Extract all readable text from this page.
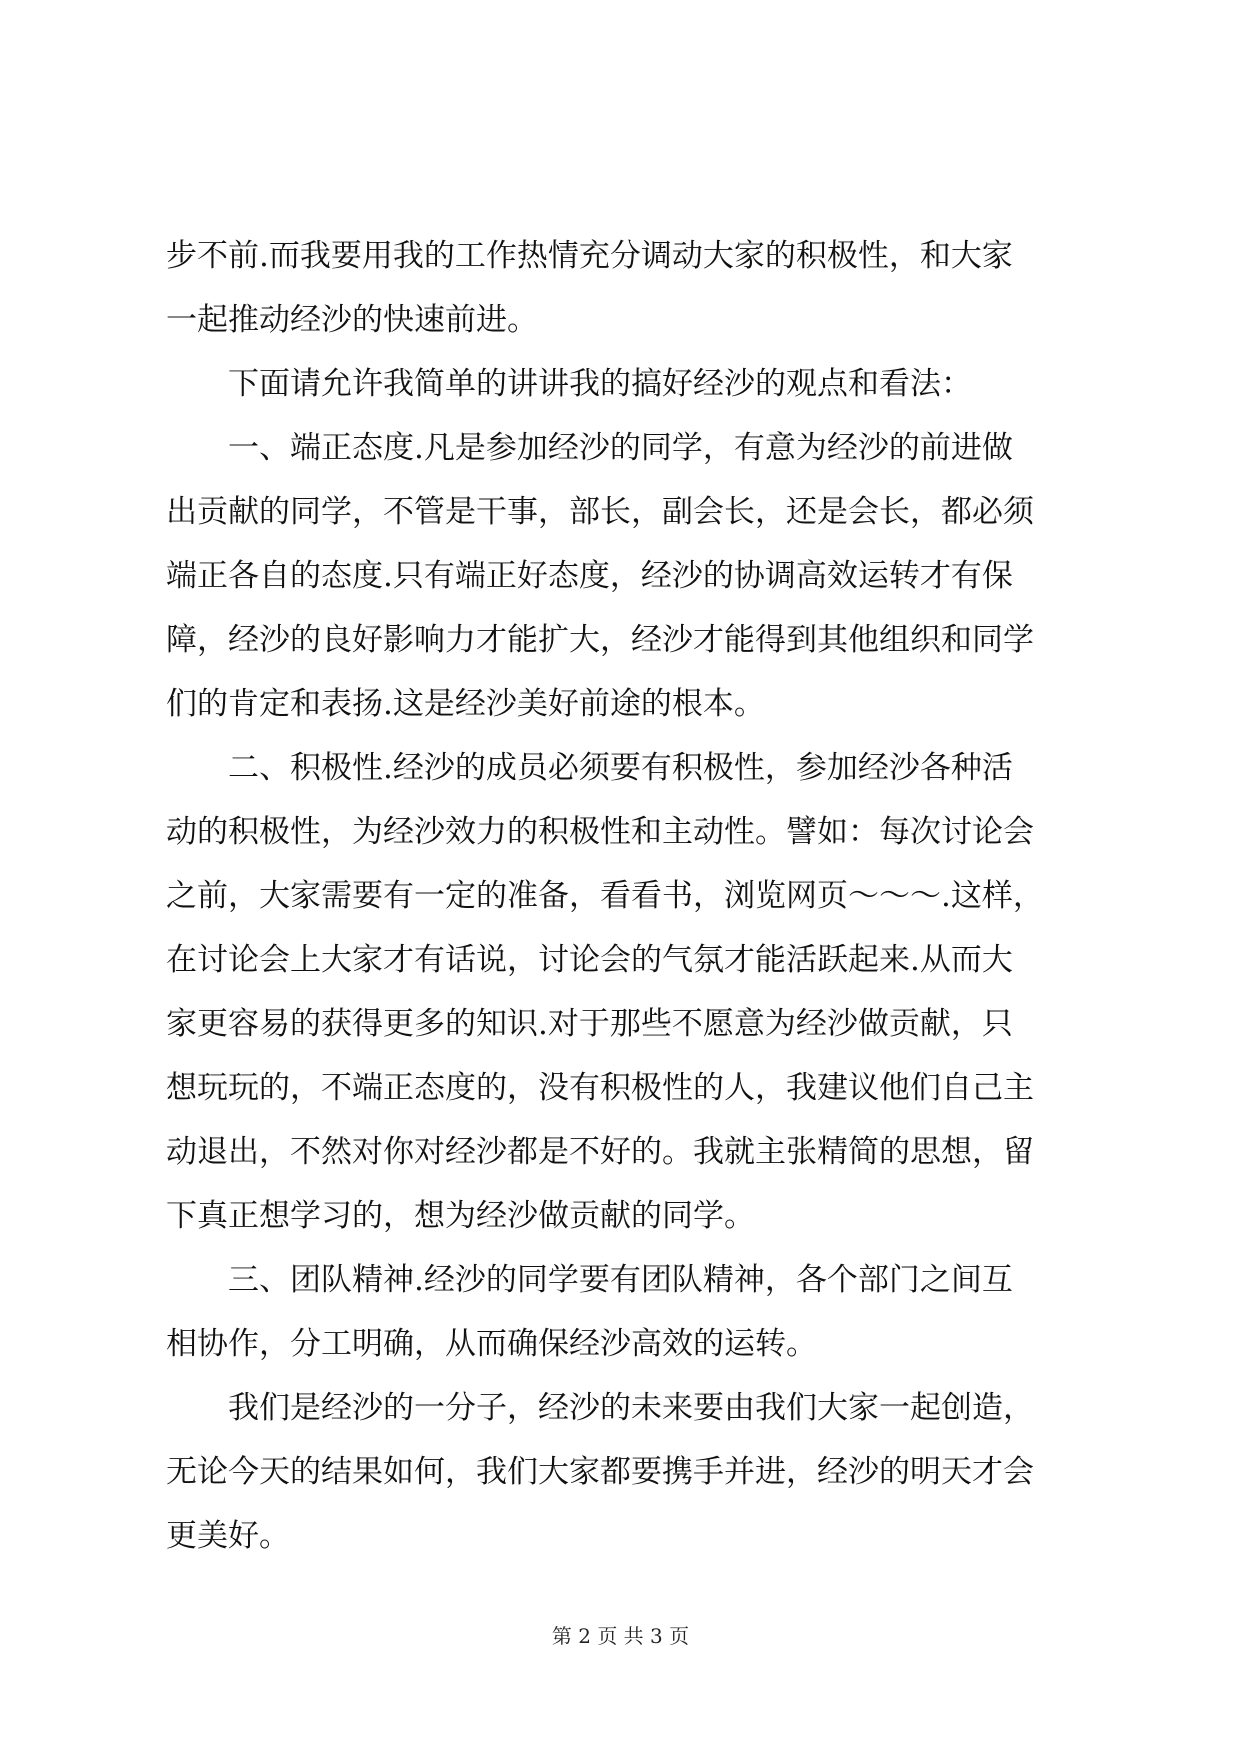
步不前.而我要用我的工作热情充分调动大家的积极性，和大家
一起推动经沙的快速前进。
　　下面请允许我简单的讲讲我的搞好经沙的观点和看法：
　　一、端正态度.凡是参加经沙的同学，有意为经沙的前进做
出贡献的同学，不管是干事，部长，副会长，还是会长，都必须
端正各自的态度.只有端正好态度，经沙的协调高效运转才有保
障，经沙的良好影响力才能扩大，经沙才能得到其他组织和同学
们的肯定和表扬.这是经沙美好前途的根本。
　　二、积极性.经沙的成员必须要有积极性，参加经沙各种活
动的积极性，为经沙效力的积极性和主动性。譬如：每次讨论会
之前，大家需要有一定的准备，看看书，浏览网页～～～.这样，
在讨论会上大家才有话说，讨论会的气氛才能活跃起来.从而大
家更容易的获得更多的知识.对于那些不愿意为经沙做贡献，只
想玩玩的，不端正态度的，没有积极性的人，我建议他们自己主
动退出，不然对你对经沙都是不好的。我就主张精简的思想，留
下真正想学习的，想为经沙做贡献的同学。
　　三、团队精神.经沙的同学要有团队精神，各个部门之间互
相协作，分工明确，从而确保经沙高效的运转。
　　我们是经沙的一分子，经沙的未来要由我们大家一起创造，
无论今天的结果如何，我们大家都要携手并进，经沙的明天才会
更美好。
第 2 页 共 3 页
